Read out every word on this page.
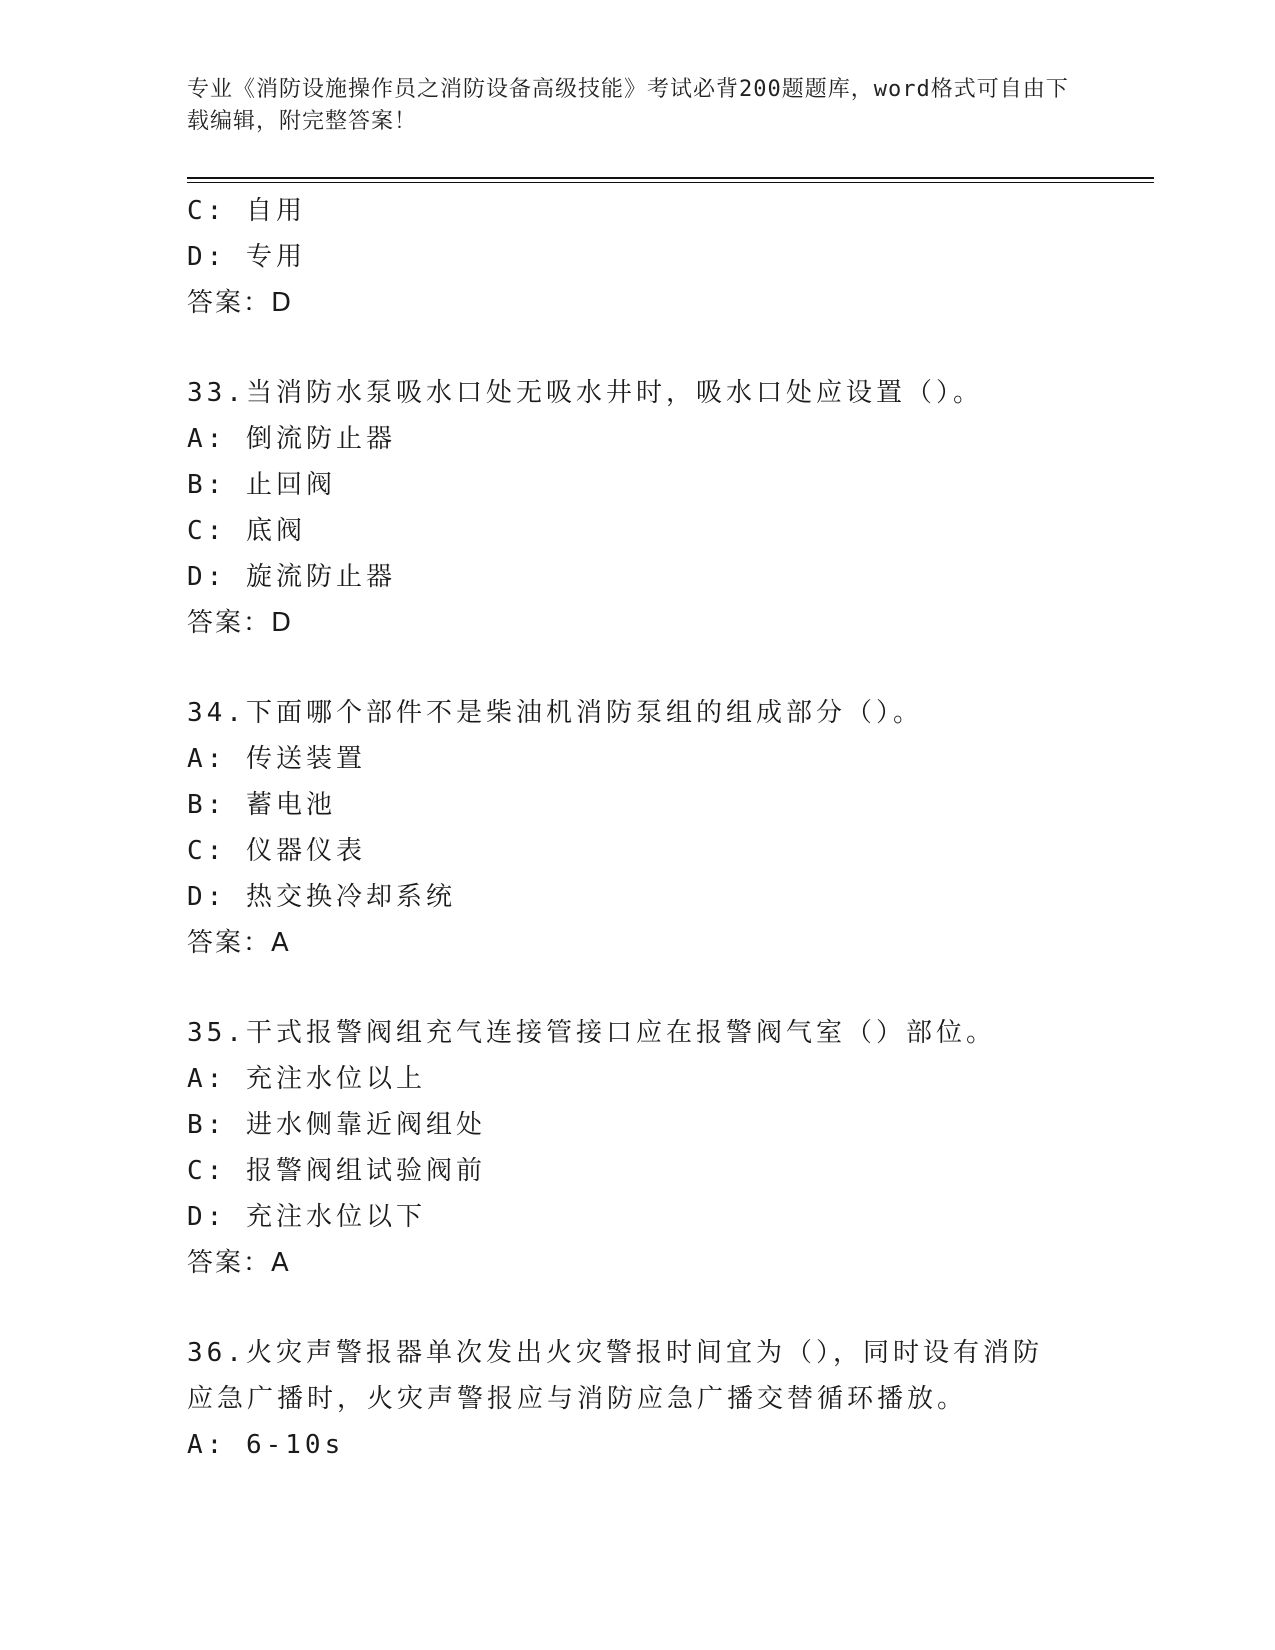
专业《消防设施操作员之消防设备高级技能》考试必背200题题库，word格式可自由下载编辑，附完整答案！
C: 自用
D: 专用
答案：D
33.当消防水泵吸水口处无吸水井时，吸水口处应设置（）。
A: 倒流防止器
B: 止回阀
C: 底阀
D: 旋流防止器
答案：D
34.下面哪个部件不是柴油机消防泵组的组成部分（）。
A: 传送装置
B: 蓄电池
C: 仪器仪表
D: 热交换冷却系统
答案：A
35.干式报警阀组充气连接管接口应在报警阀气室（）部位。
A: 充注水位以上
B: 进水侧靠近阀组处
C: 报警阀组试验阀前
D: 充注水位以下
答案：A
36.火灾声警报器单次发出火灾警报时间宜为（），同时设有消防应急广播时，火灾声警报应与消防应急广播交替循环播放。
A: 6-10s
